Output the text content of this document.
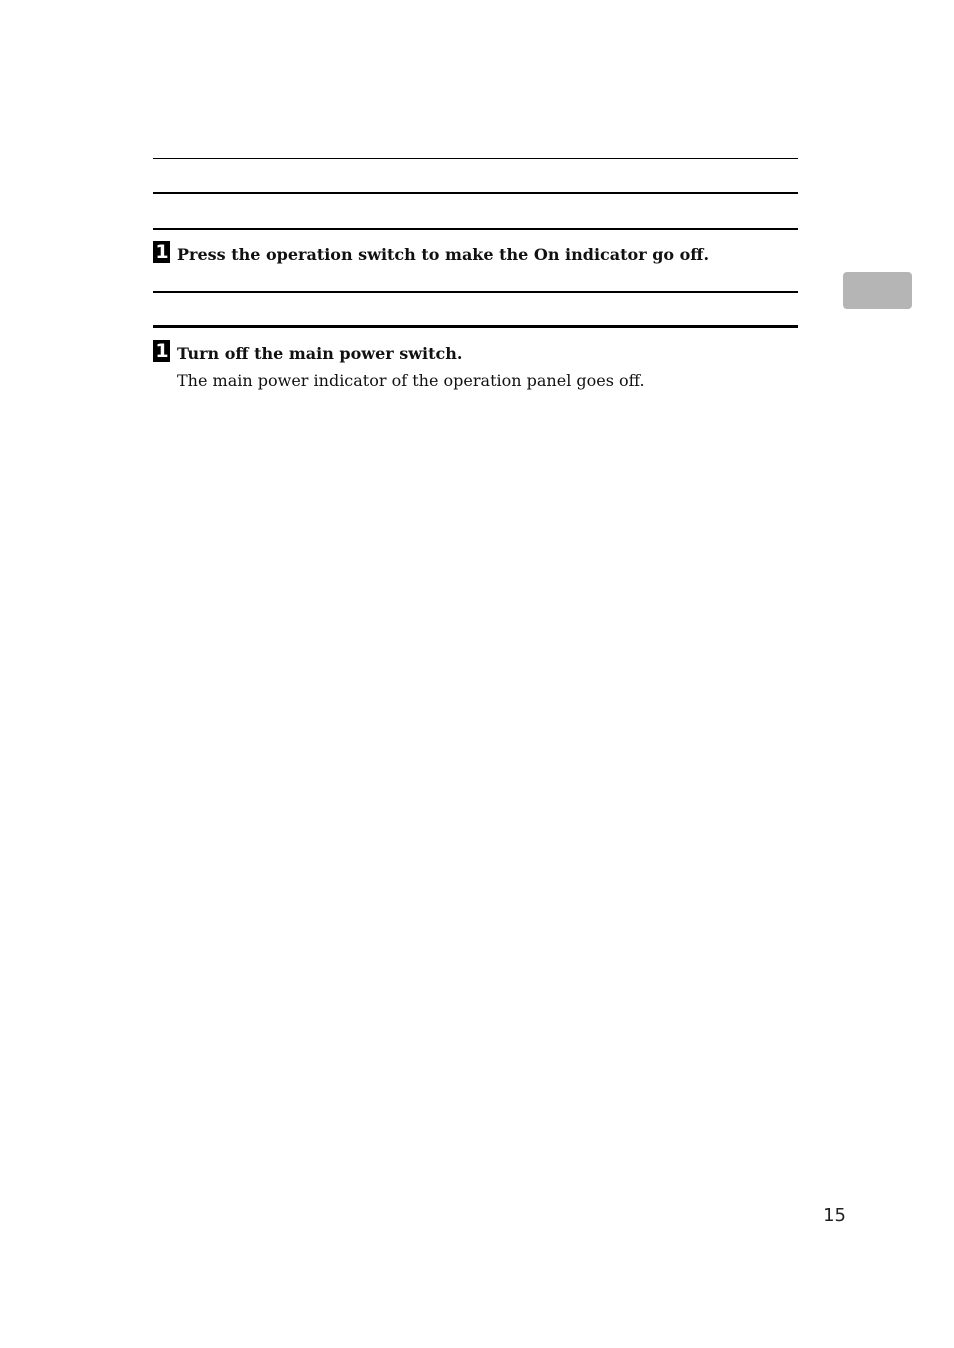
1 Press the operation switch to make the On indicator go off.
1 Turn off the main power switch.
The main power indicator of the operation panel goes off.
15
